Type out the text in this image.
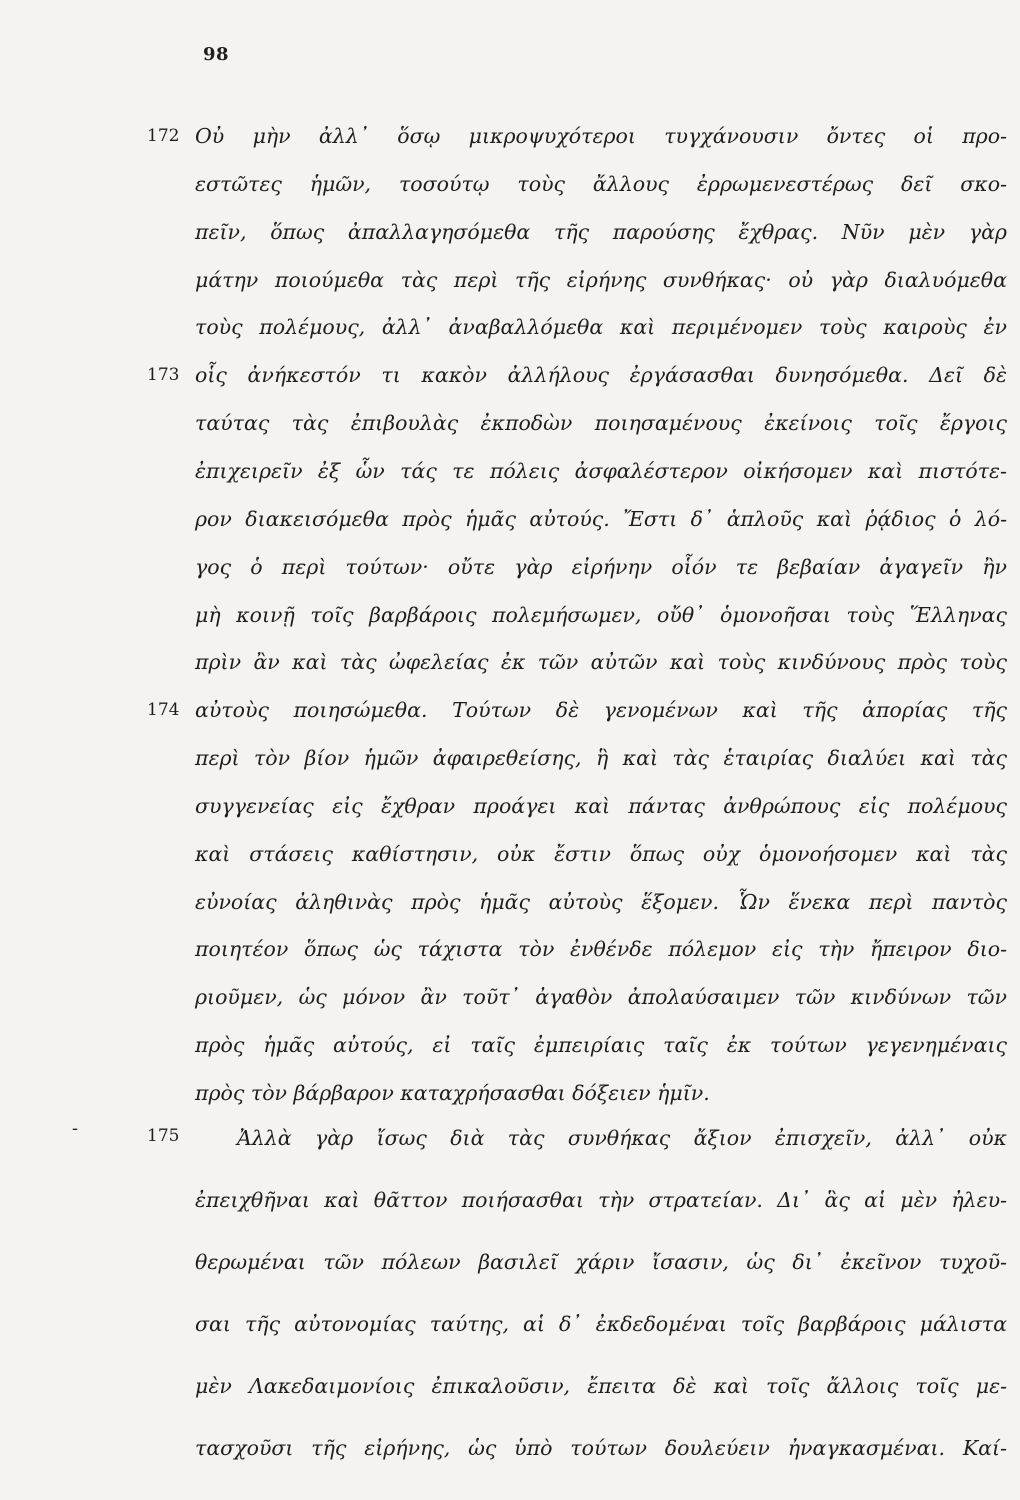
98
172
173
174
-	175
Οὐ μὴν ἀλλ᾿ ὅσῳ μικροψυχότεροι τυγχάνουσιν ὄντες οἱ προ-
εστῶτες ἡμῶν, τοσούτῳ τοὺς ἄλλους ἐρρωμενεστέρως δεῖ σκο-
πεῖν, ὅπως ἀπαλλαγησόμεθα τῆς παρούσης ἔχθρας. Νῦν μὲν γὰρ
μάτην ποιούμεθα τὰς περὶ τῆς εἰρήνης συνθήκας· οὐ γὰρ διαλυόμεθα
τοὺς πολέμους, ἀλλ᾿ ἀναβαλλόμεθα καὶ περιμένομεν τοὺς καιροὺς ἐν
οἷς ἀνήκεστόν τι κακὸν ἀλλήλους ἐργάσασθαι δυνησόμεθα. Δεῖ δὲ
ταύτας τὰς ἐπιβουλὰς ἐκποδὼν ποιησαμένους ἐκείνοις τοῖς ἔργοις
ἐπιχειρεῖν ἐξ ὧν τάς τε πόλεις ἀσφαλέστερον οἰκήσομεν καὶ πιστότε-
ρον διακεισόμεθα πρὸς ἡμᾶς αὐτούς. Ἔστι δ᾿ ἁπλοῦς καὶ ῥᾴδιος ὁ λό-
γος ὁ περὶ τούτων· οὔτε γὰρ εἰρήνην οἷόν τε βεβαίαν ἀγαγεῖν ἢν
μὴ κοινῇ τοῖς βαρβάροις πολεμήσωμεν, οὔθ᾿ ὁμονοῆσαι τοὺς Ἕλληνας
πρὶν ἂν καὶ τὰς ὠφελείας ἐκ τῶν αὐτῶν καὶ τοὺς κινδύνους πρὸς τοὺς
αὐτοὺς ποιησώμεθα. Τούτων δὲ γενομένων καὶ τῆς ἀπορίας τῆς
περὶ τὸν βίον ἡμῶν ἀφαιρεθείσης, ἣ καὶ τὰς ἑταιρίας διαλύει καὶ τὰς
συγγενείας εἰς ἔχθραν προάγει καὶ πάντας ἀνθρώπους εἰς πολέμους
καὶ στάσεις καθίστησιν, οὐκ ἔστιν ὅπως οὐχ ὁμονοήσομεν καὶ τὰς
εὐνοίας ἀληθινὰς πρὸς ἡμᾶς αὐτοὺς ἕξομεν. Ὧν ἕνεκα περὶ παντὸς
ποιητέον ὅπως ὡς τάχιστα τὸν ἐνθένδε πόλεμον εἰς τὴν ἤπειρον διο-
ριοῦμεν, ὡς μόνον ἂν τοῦτ᾿ ἀγαθὸν ἀπολαύσαιμεν τῶν κινδύνων τῶν
πρὸς ἡμᾶς αὐτούς, εἰ ταῖς ἐμπειρίαις ταῖς ἐκ τούτων γεγενημέναις
πρὸς τὸν βάρβαρον καταχρήσασθαι δόξειεν ἡμῖν.
Ἀλλὰ γὰρ ἴσως διὰ τὰς συνθήκας ἄξιον ἐπισχεῖν, ἀλλ᾿ οὐκ
ἐπειχθῆναι καὶ θᾶττον ποιήσασθαι τὴν στρατείαν. Δι᾿ ἃς αἱ μὲν ἠλευ-
θερωμέναι τῶν πόλεων βασιλεῖ χάριν ἴσασιν, ὡς δι᾿ ἐκεῖνον τυχοῦ-
σαι τῆς αὐτονομίας ταύτης, αἱ δ᾿ ἐκδεδομέναι τοῖς βαρβάροις μάλιστα
μὲν Λακεδαιμονίοις ἐπικαλοῦσιν, ἔπειτα δὲ καὶ τοῖς ἄλλοις τοῖς με-
τασχοῦσι τῆς εἰρήνης, ὡς ὑπὸ τούτων δουλεύειν ἠναγκασμέναι. Καί-
